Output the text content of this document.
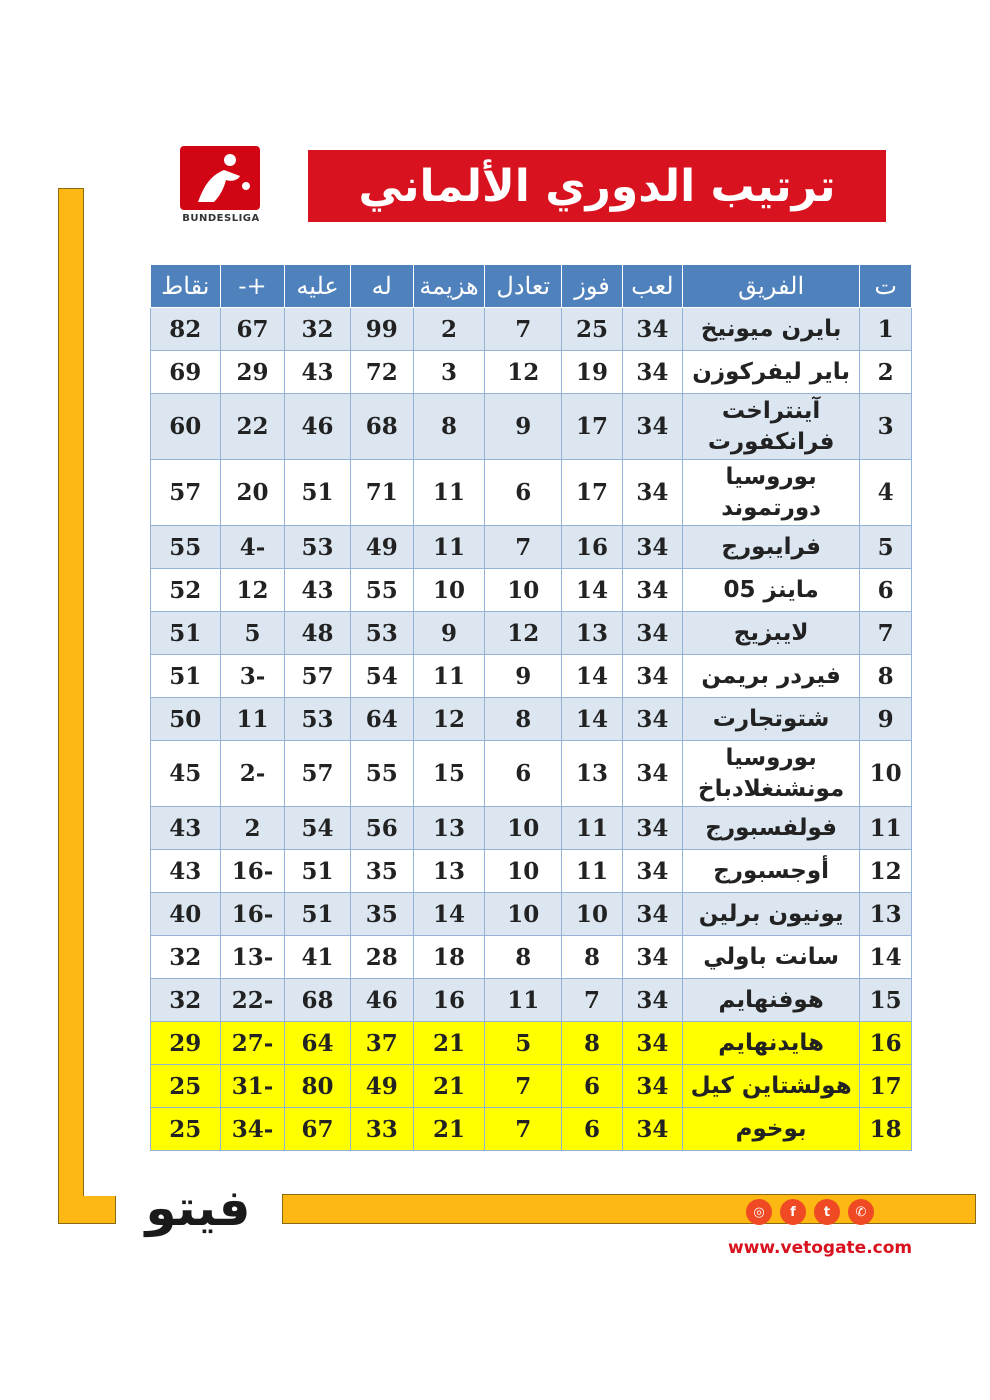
BUNDESLIGA
ترتيب الدوري الألماني
ت	الفريق	لعب	فوز	تعادل	هزيمة	له	عليه	+-	نقاط
1	بايرن ميونيخ	34	25	7	2	99	32	67	82
2	باير ليفركوزن	34	19	12	3	72	43	29	69
3	آينتراخت فرانكفورت	34	17	9	8	68	46	22	60
4	بوروسيا دورتموند	34	17	6	11	71	51	20	57
5	فرايبورج	34	16	7	11	49	53	-4	55
6	ماينز 05	34	14	10	10	55	43	12	52
7	لايبزيج	34	13	12	9	53	48	5	51
8	فيردر بريمن	34	14	9	11	54	57	-3	51
9	شتوتجارت	34	14	8	12	64	53	11	50
10	بوروسيا مونشنغلادباخ	34	13	6	15	55	57	-2	45
11	فولفسبورج	34	11	10	13	56	54	2	43
12	أوجسبورج	34	11	10	13	35	51	-16	43
13	يونيون برلين	34	10	10	14	35	51	-16	40
14	سانت باولي	34	8	8	18	28	41	-13	32
15	هوفنهايم	34	7	11	16	46	68	-22	32
16	هايدنهايم	34	8	5	21	37	64	-27	29
17	هولشتاين كيل	34	6	7	21	49	80	-31	25
18	بوخوم	34	6	7	21	33	67	-34	25
فيتو	◎	f	t	✆
www.vetogate.com
